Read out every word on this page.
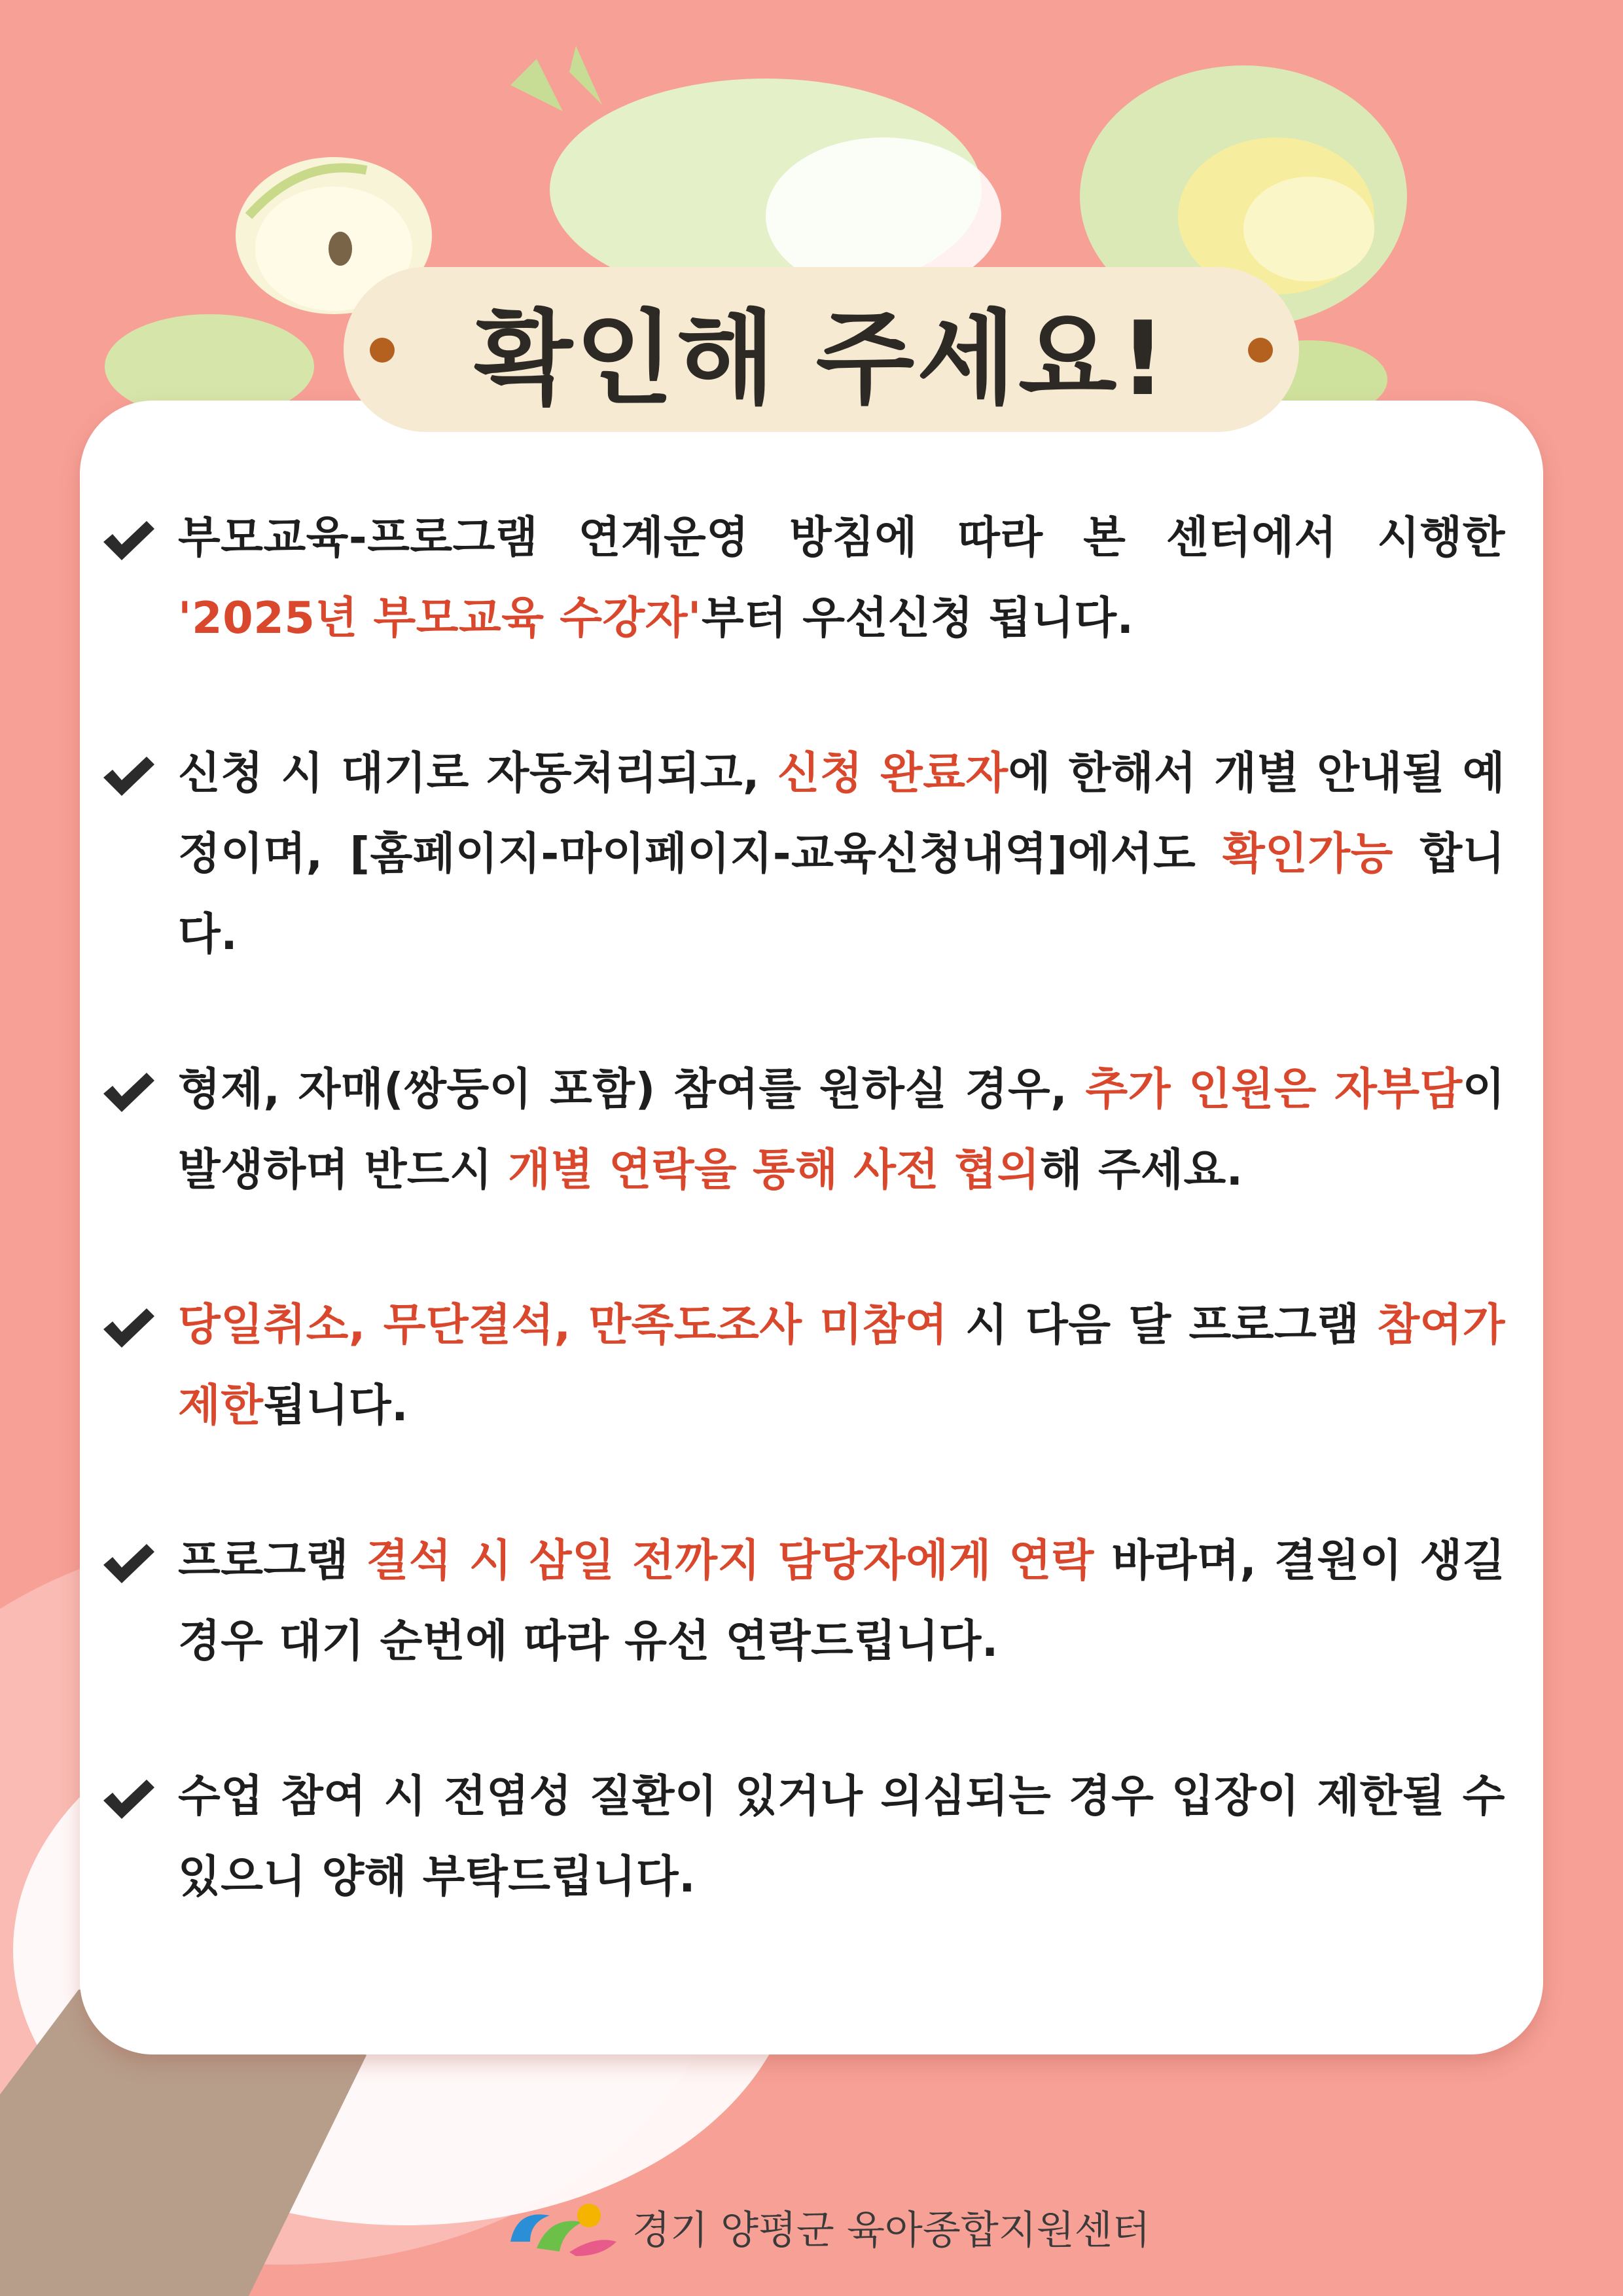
확인해 주세요!
부모교육-프로그램 연계운영 방침에 따라 본 센터에서 시행한 '2025년 부모교육 수강자'부터 우선신청 됩니다.
신청 시 대기로 자동처리되고, 신청 완료자에 한해서 개별 안내될 예정이며, [홈페이지-마이페이지-교육신청내역]에서도 확인가능 합니다.
형제, 자매(쌍둥이 포함) 참여를 원하실 경우, 추가 인원은 자부담이 발생하며 반드시 개별 연락을 통해 사전 협의해 주세요.
당일취소, 무단결석, 만족도조사 미참여 시 다음 달 프로그램 참여가 제한됩니다.
프로그램 결석 시 삼일 전까지 담당자에게 연락 바라며, 결원이 생길 경우 대기 순번에 따라 유선 연락드립니다.
수업 참여 시 전염성 질환이 있거나 의심되는 경우 입장이 제한될 수 있으니 양해 부탁드립니다.
경기 양평군 육아종합지원센터
